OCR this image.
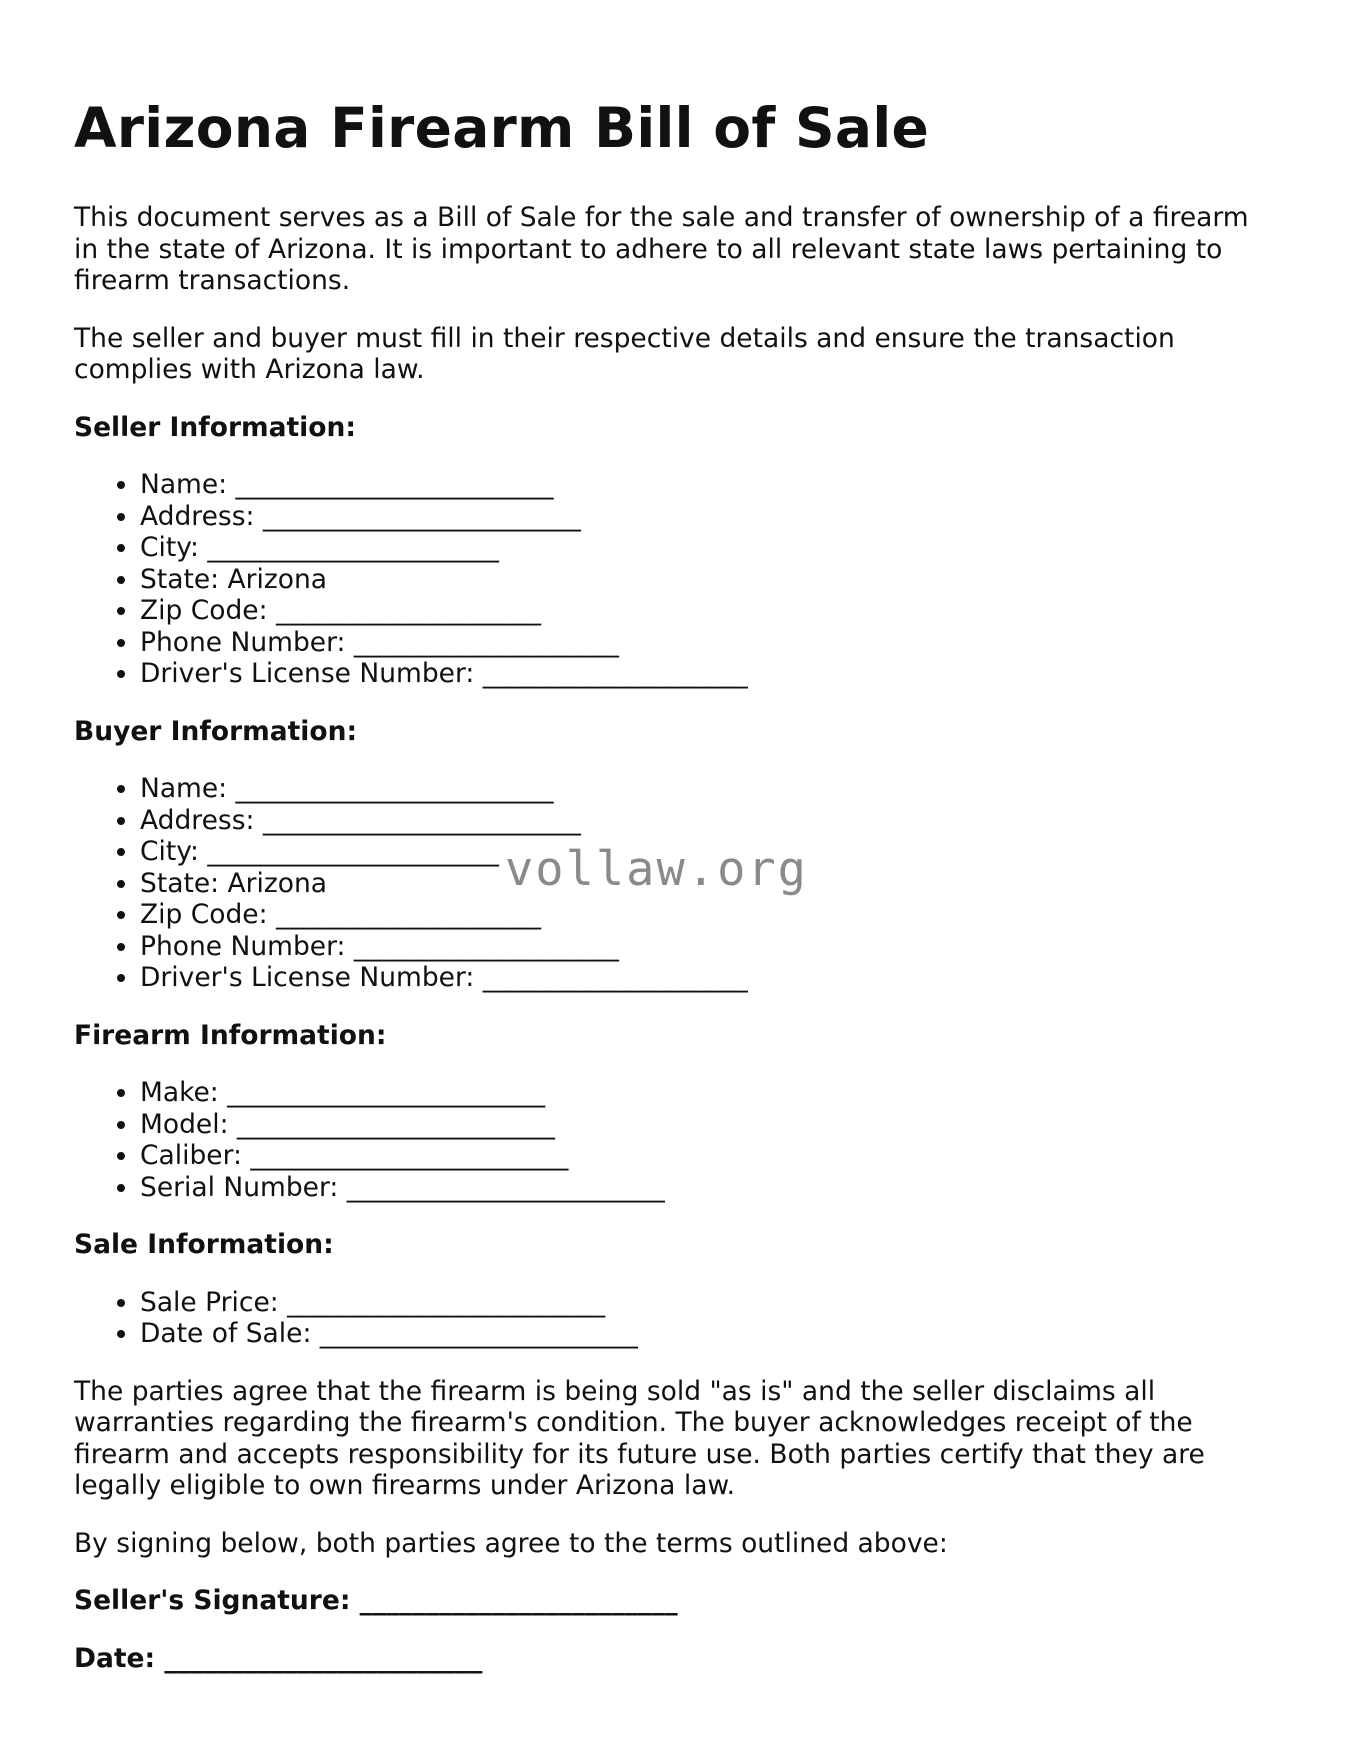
Arizona Firearm Bill of Sale

This document serves as a Bill of Sale for the sale and transfer of ownership of a firearm in the state of Arizona. It is important to adhere to all relevant state laws pertaining to firearm transactions.

The seller and buyer must fill in their respective details and ensure the transaction complies with Arizona law.

Seller Information:
• Name: ________________________
• Address: ________________________
• City: ______________________
• State: Arizona
• Zip Code: ____________________
• Phone Number: ____________________
• Driver's License Number: ____________________
Buyer Information:
• Name: ________________________
• Address: ________________________
• City: ______________________
• State: Arizona
• Zip Code: ____________________
• Phone Number: ____________________
• Driver's License Number: ____________________
Firearm Information:
• Make: ________________________
• Model: ________________________
• Caliber: ________________________
• Serial Number: ________________________
Sale Information:
• Sale Price: ________________________
• Date of Sale: ________________________

The parties agree that the firearm is being sold "as is" and the seller disclaims all warranties regarding the firearm's condition. The buyer acknowledges receipt of the firearm and accepts responsibility for its future use. Both parties certify that they are legally eligible to own firearms under Arizona law.

By signing below, both parties agree to the terms outlined above:

Seller's Signature: ________________________
Date: ________________________
vollaw.org
